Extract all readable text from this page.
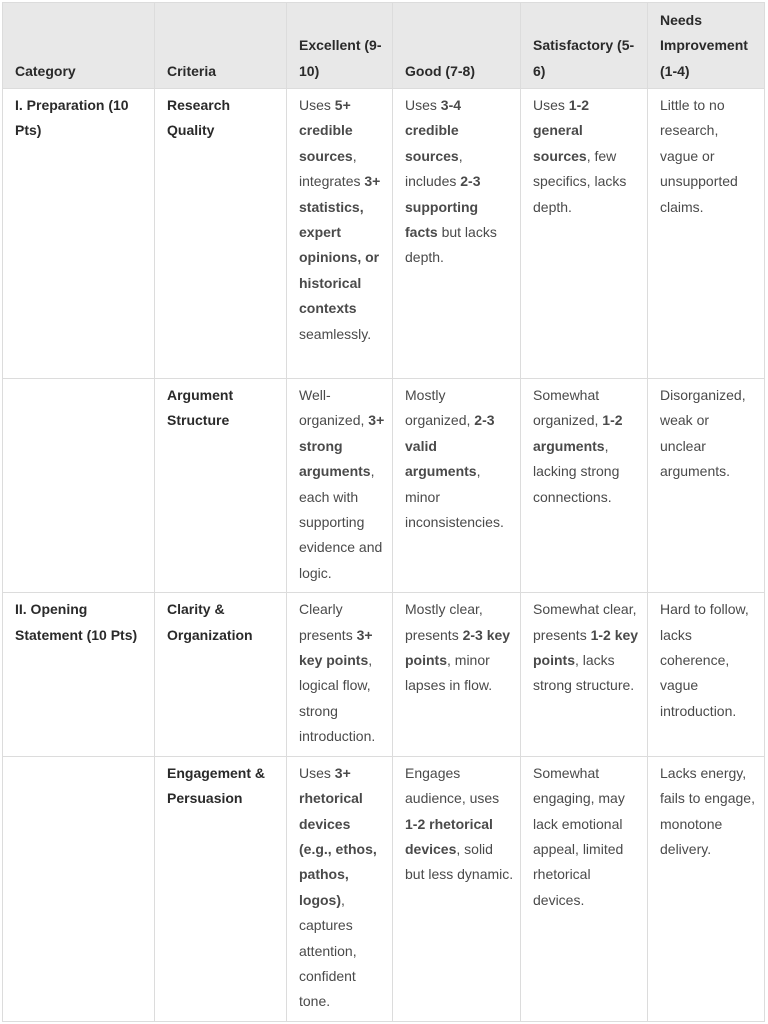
Category	Criteria	Excellent (9-10)	Good (7-8)	Satisfactory (5-6)	Needs Improvement (1-4)
I. Preparation (10 Pts)	Research Quality	Uses 5+ credible sources, integrates 3+ statistics, expert opinions, or historical contexts seamlessly.	Uses 3-4 credible sources, includes 2-3 supporting facts but lacks depth.	Uses 1-2 general sources, few specifics, lacks depth.	Little to no research, vague or unsupported claims.
	Argument Structure	Well-organized, 3+ strong arguments, each with supporting evidence and logic.	Mostly organized, 2-3 valid arguments, minor inconsistencies.	Somewhat organized, 1-2 arguments, lacking strong connections.	Disorganized, weak or unclear arguments.
II. Opening Statement (10 Pts)	Clarity & Organization	Clearly presents 3+ key points, logical flow, strong introduction.	Mostly clear, presents 2-3 key points, minor lapses in flow.	Somewhat clear, presents 1-2 key points, lacks strong structure.	Hard to follow, lacks coherence, vague introduction.
	Engagement & Persuasion	Uses 3+ rhetorical devices (e.g., ethos, pathos, logos), captures attention, confident tone.	Engages audience, uses 1-2 rhetorical devices, solid but less dynamic.	Somewhat engaging, may lack emotional appeal, limited rhetorical devices.	Lacks energy, fails to engage, monotone delivery.
